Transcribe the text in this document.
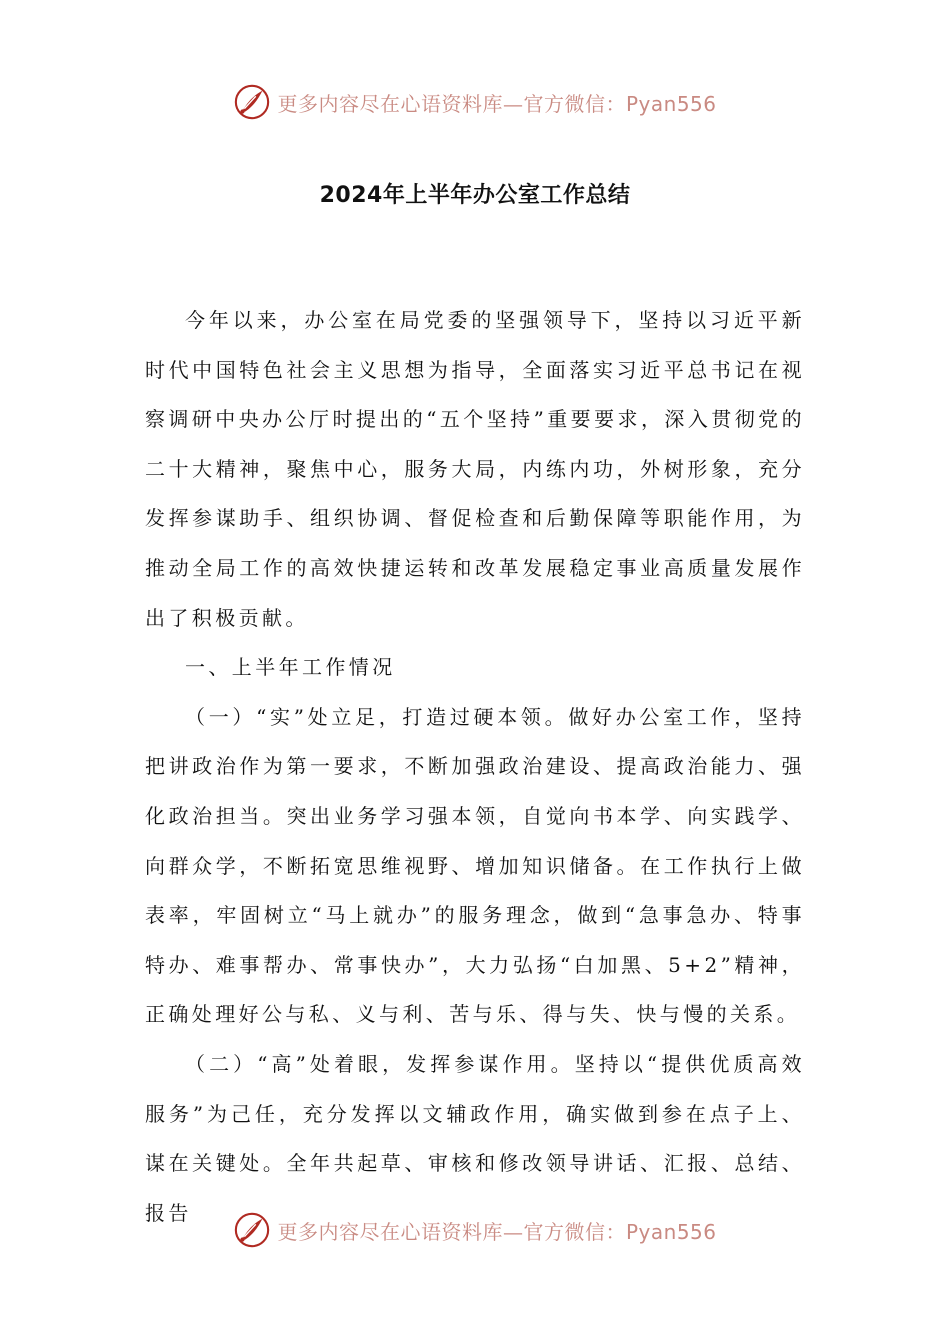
更多内容尽在心语资料库—官方微信：Pyan556
2024年上半年办公室工作总结

今年以来，办公室在局党委的坚强领导下，坚持以习近平新时代中国特色社会主义思想为指导，全面落实习近平总书记在视察调研中央办公厅时提出的“五个坚持”重要要求，深入贯彻党的二十大精神，聚焦中心，服务大局，内练内功，外树形象，充分发挥参谋助手、组织协调、督促检查和后勤保障等职能作用，为推动全局工作的高效快捷运转和改革发展稳定事业高质量发展作出了积极贡献。

一、上半年工作情况

（一）“实”处立足，打造过硬本领。做好办公室工作，坚持把讲政治作为第一要求，不断加强政治建设、提高政治能力、强化政治担当。突出业务学习强本领，自觉向书本学、向实践学、向群众学，不断拓宽思维视野、增加知识储备。在工作执行上做表率，牢固树立“马上就办”的服务理念，做到“急事急办、特事特办、难事帮办、常事快办”，大力弘扬“白加黑、5+2”精神，正确处理好公与私、义与利、苦与乐、得与失、快与慢的关系。

（二）“高”处着眼，发挥参谋作用。坚持以“提供优质高效服务”为己任，充分发挥以文辅政作用，确实做到参在点子上、谋在关键处。全年共起草、审核和修改领导讲话、汇报、总结、报告

更多内容尽在心语资料库—官方微信：Pyan556
